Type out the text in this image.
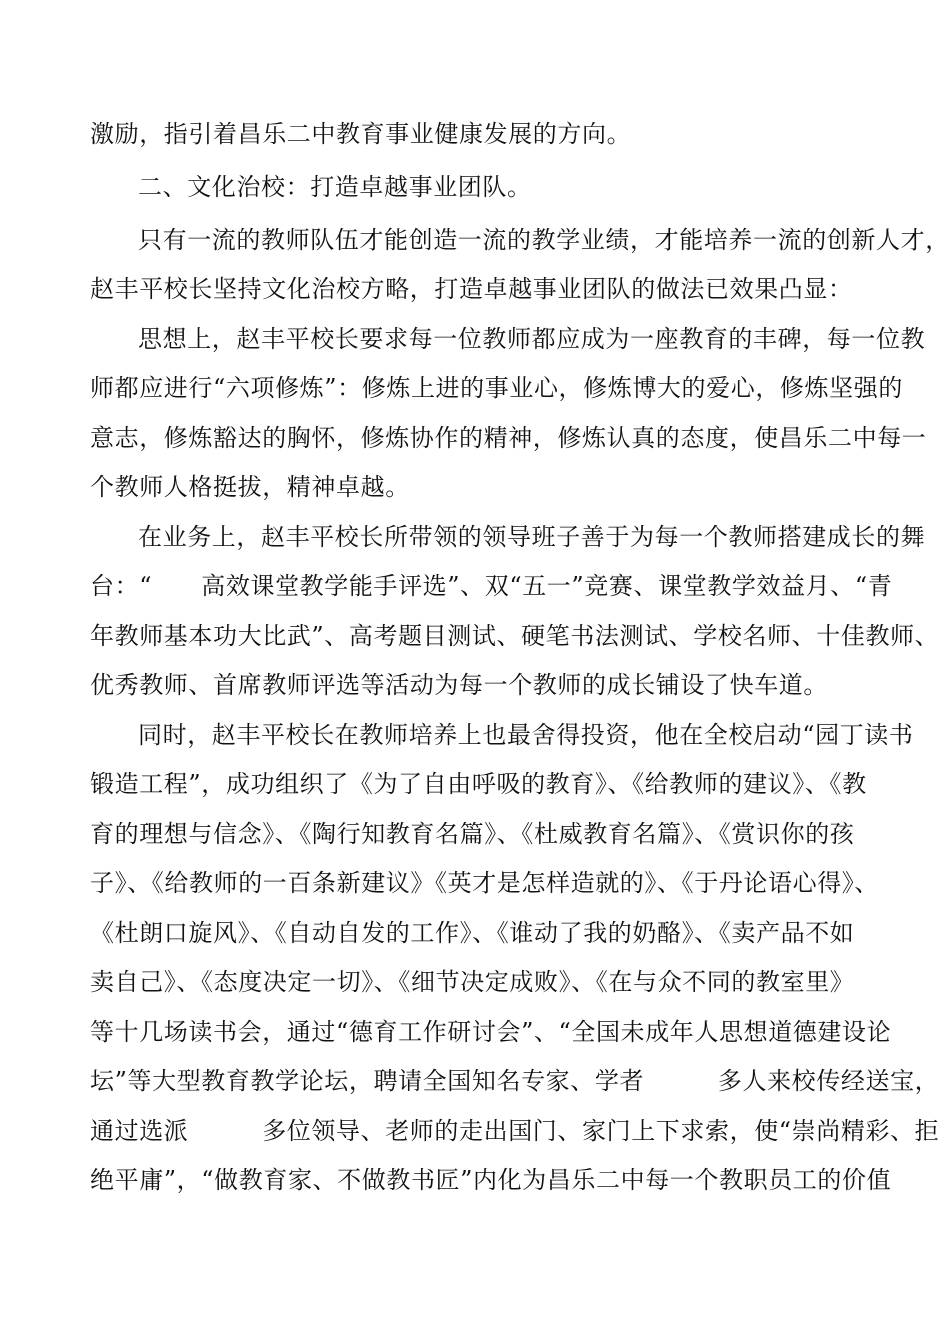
激励，指引着昌乐二中教育事业健康发展的方向。
二、文化治校：打造卓越事业团队。
只有一流的教师队伍才能创造一流的教学业绩，才能培养一流的创新人才，
赵丰平校长坚持文化治校方略，打造卓越事业团队的做法已效果凸显：
思想上，赵丰平校长要求每一位教师都应成为一座教育的丰碑，每一位教
师都应进行“六项修炼”：修炼上进的事业心，修炼博大的爱心，修炼坚强的
意志，修炼豁达的胸怀，修炼协作的精神，修炼认真的态度，使昌乐二中每一
个教师人格挺拔，精神卓越。
在业务上，赵丰平校长所带领的领导班子善于为每一个教师搭建成长的舞
台：“　　高效课堂教学能手评选”、双“五一”竞赛、课堂教学效益月、“青
年教师基本功大比武”、高考题目测试、硬笔书法测试、学校名师、十佳教师、
优秀教师、首席教师评选等活动为每一个教师的成长铺设了快车道。
同时，赵丰平校长在教师培养上也最舍得投资，他在全校启动“园丁读书
锻造工程”，成功组织了《为了自由呼吸的教育》、《给教师的建议》、《教
育的理想与信念》、《陶行知教育名篇》、《杜威教育名篇》、《赏识你的孩
子》、《给教师的一百条新建议》《英才是怎样造就的》、《于丹论语心得》、
《杜朗口旋风》、《自动自发的工作》、《谁动了我的奶酪》、《卖产品不如
卖自己》、《态度决定一切》、《细节决定成败》、《在与众不同的教室里》
等十几场读书会，通过“德育工作研讨会”、“全国未成年人思想道德建设论
坛”等大型教育教学论坛，聘请全国知名专家、学者　　　多人来校传经送宝，
通过选派　　　多位领导、老师的走出国门、家门上下求索，使“崇尚精彩、拒
绝平庸”，“做教育家、不做教书匠”内化为昌乐二中每一个教职员工的价值
